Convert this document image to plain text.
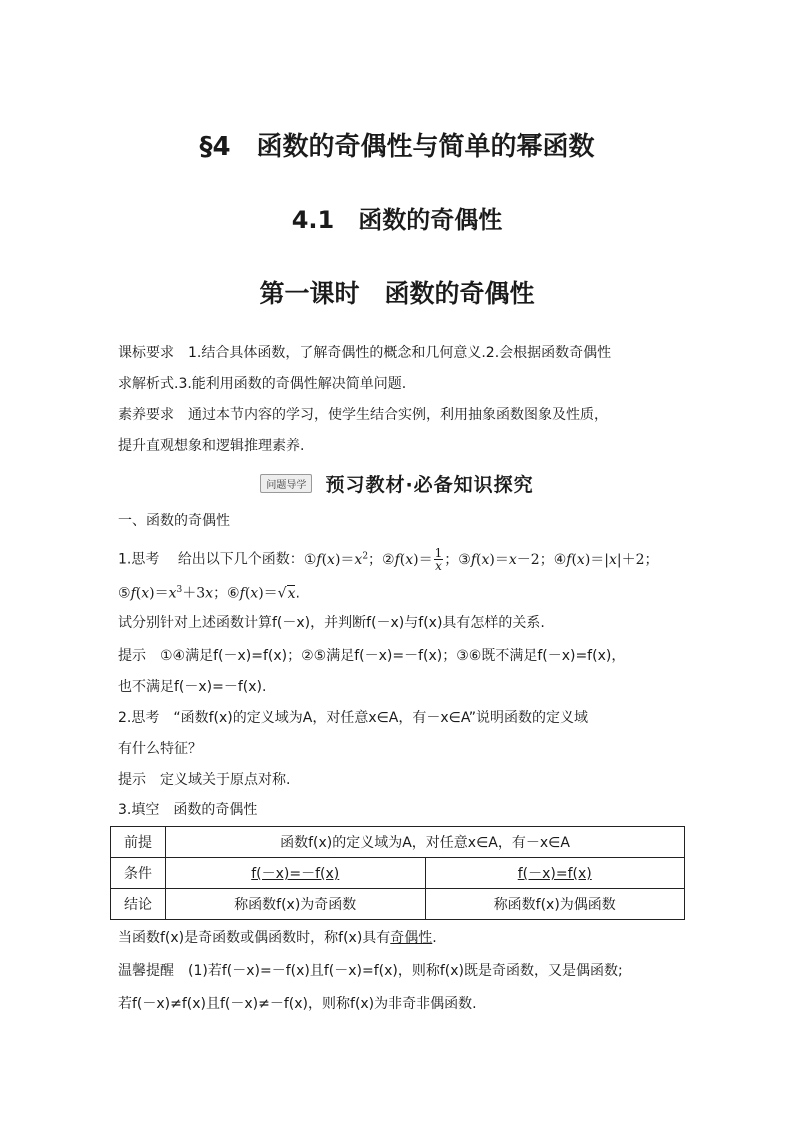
§4　函数的奇偶性与简单的幂函数
4.1　函数的奇偶性
第一课时　函数的奇偶性
课标要求　 1.结合具体函数，了解奇偶性的概念和几何意义.2.会根据函数奇偶性
求解析式.3.能利用函数的奇偶性解决简单问题.
素养要求　 通过本节内容的学习，使学生结合实例，利用抽象函数图象及性质，
提升直观想象和逻辑推理素养.
问题导学 预习教材·必备知识探究
一、函数的奇偶性
1.思考　 给出以下几个函数：$①f(x)=x^2$；②f(x)＝ $\frac{1}{x}$ ；③f(x)＝x－2；④f(x)＝|x|＋2；
$⑤f(x)=x^3+3x$；⑥f(x)＝√x.
试分别针对上述函数计算f(－x)，并判断f(－x)与f(x)具有怎样的关系.
提示　 ①④满足f(－x)=f(x)；②⑤满足f(－x)=－f(x)；③⑥既不满足f(－x)=f(x)，
也不满足f(－x)=－f(x).
2.思考　“函数f(x)的定义域为A，对任意x∈A，有－x∈A”说明函数的定义域
有什么特征？
提示　 定义域关于原点对称.
3.填空　函数的奇偶性
前提	函数f(x)的定义域为A，对任意x∈A，有－x∈A	
条件	f(－x)=－f(x)	f(－x)=f(x)
结论	称函数f(x)为奇函数	称函数f(x)为偶函数
当函数f(x)是奇函数或偶函数时，称f(x)具有奇偶性.
温馨提醒　(1)若f(－x)=－f(x)且f(－x)=f(x)，则称f(x)既是奇函数，又是偶函数;
若f(－x)≠f(x)且f(－x)≠－f(x)，则称f(x)为非奇非偶函数.
